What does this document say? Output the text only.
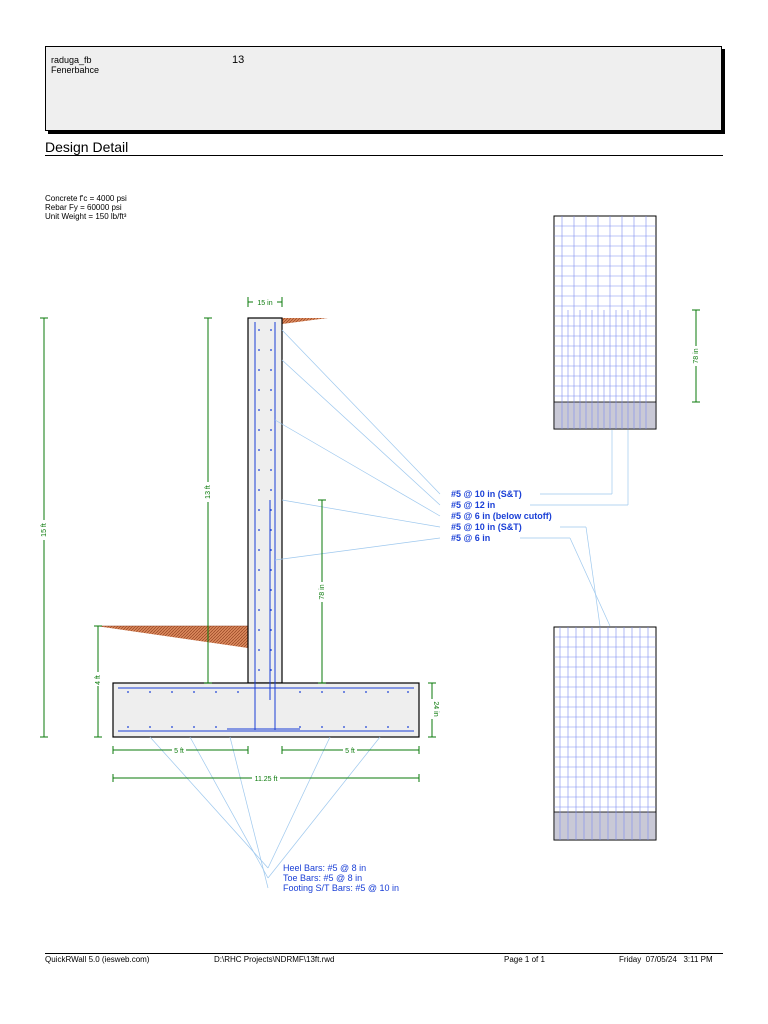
raduga_fb
Fenerbahce
13
Design Detail
Concrete f'c = 4000 psi
Rebar Fy = 60000 psi
Unit Weight = 150 lb/ft³
15 in
15 ft
13 ft
78 in
4 ft
24 in
5 ft	5 ft
11.25 ft
78 in
#5 @ 10 in (S&T)
#5 @ 12 in
#5 @ 6 in (below cutoff)
#5 @ 10 in (S&T)
#5 @ 6 in
Heel Bars: #5 @ 8 in
Toe Bars: #5 @ 8 in
Footing S/T Bars: #5 @ 10 in
QuickRWall 5.0 (iesweb.com)	D:\RHC Projects\NDRMF\13ft.rwd	Page 1 of 1	Friday  07/05/24   3:11 PM
